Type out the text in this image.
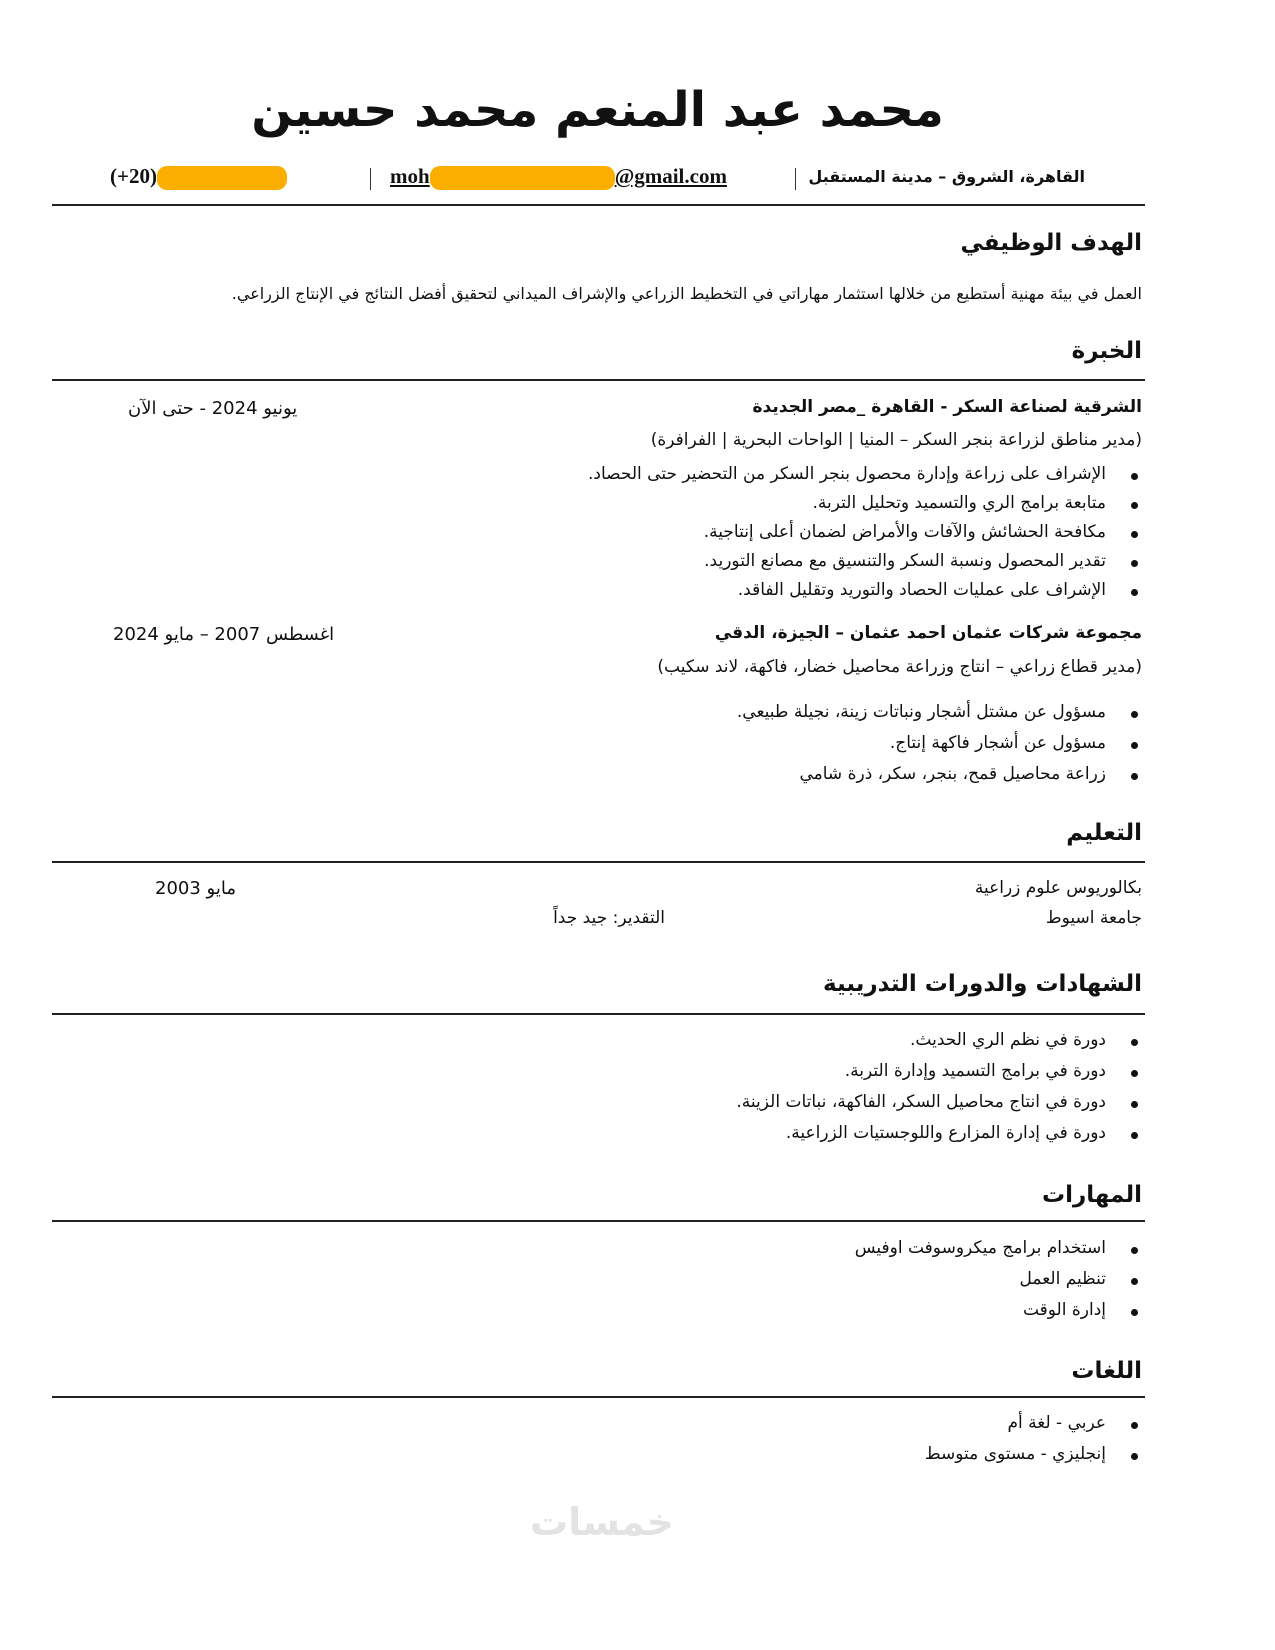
محمد عبد المنعم محمد حسين
(+20)	moh	@gmail.com	القاهرة، الشروق – مدينة المستقبل
الهدف الوظيفي
العمل في بيئة مهنية أستطيع من خلالها استثمار مهاراتي في التخطيط الزراعي والإشراف الميداني لتحقيق أفضل النتائج في الإنتاج الزراعي.
الخبرة
الشرقية لصناعة السكر - القاهرة _مصر الجديدة
يونيو 2024 - حتى الآن
(مدير مناطق لزراعة بنجر السكر – المنيا | الواحات البحرية | الفرافرة)
الإشراف على زراعة وإدارة محصول بنجر السكر من التحضير حتى الحصاد.
متابعة برامج الري والتسميد وتحليل التربة.
مكافحة الحشائش والآفات والأمراض لضمان أعلى إنتاجية.
تقدير المحصول ونسبة السكر والتنسيق مع مصانع التوريد.
الإشراف على عمليات الحصاد والتوريد وتقليل الفاقد.
مجموعة شركات عثمان احمد عثمان – الجيزة، الدقي
اغسطس 2007 – مايو 2024
(مدير قطاع زراعي – انتاج وزراعة محاصيل خضار، فاكهة، لاند سكيب)
مسؤول عن مشتل أشجار ونباتات زينة، نجيلة طبيعي.
مسؤول عن أشجار فاكهة إنتاج.
زراعة محاصيل قمح، بنجر، سكر، ذرة شامي
التعليم
بكالوريوس علوم زراعية
مايو 2003
جامعة اسيوط
التقدير: جيد جداً
الشهادات والدورات التدريبية
دورة في نظم الري الحديث.
دورة في برامج التسميد وإدارة التربة.
دورة في انتاج محاصيل السكر، الفاكهة، نباتات الزينة.
دورة في إدارة المزارع واللوجستيات الزراعية.
المهارات
استخدام برامج ميكروسوفت اوفيس
تنظيم العمل
إدارة الوقت
اللغات
عربي - لغة أم
إنجليزي - مستوى متوسط
خمسات
